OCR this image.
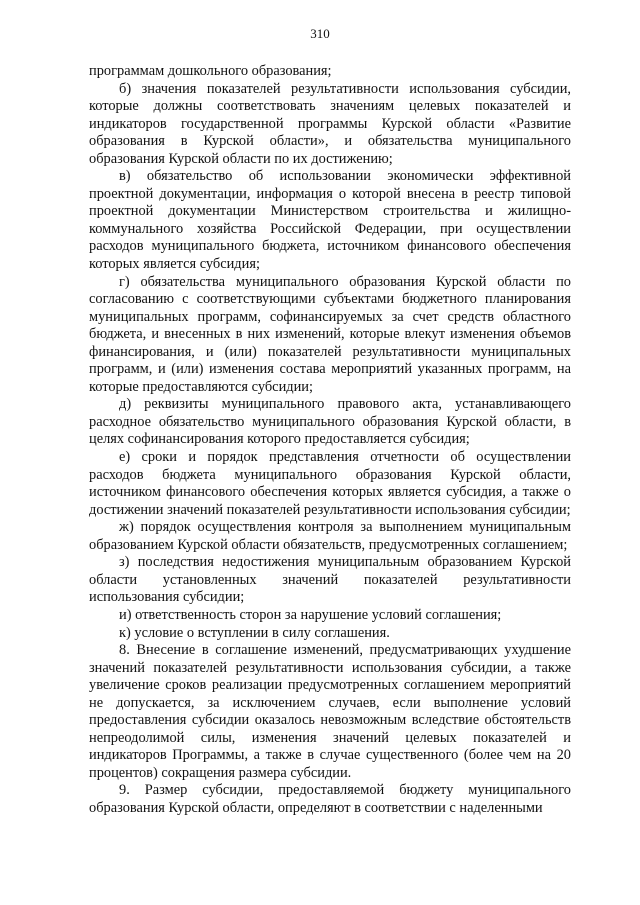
310

программам дошкольного образования;

б) значения показателей результативности использования субсидии, которые должны соответствовать значениям целевых показателей и индикаторов государственной программы Курской области «Развитие образования в Курской области», и обязательства муниципального образования Курской области по их достижению;

в) обязательство об использовании экономически эффективной проектной документации, информация о которой внесена в реестр типовой проектной документации Министерством строительства и жилищно-коммунального хозяйства Российской Федерации, при осуществлении расходов муниципального бюджета, источником финансового обеспечения которых является субсидия;

г) обязательства муниципального образования Курской области по согласованию с соответствующими субъектами бюджетного планирования муниципальных программ, софинансируемых за счет средств областного бюджета, и внесенных в них изменений, которые влекут изменения объемов финансирования, и (или) показателей результативности муниципальных программ, и (или) изменения состава мероприятий указанных программ, на которые предоставляются субсидии;

д) реквизиты муниципального правового акта, устанавливающего расходное обязательство муниципального образования Курской области, в целях софинансирования которого предоставляется субсидия;

е) сроки и порядок представления отчетности об осуществлении расходов бюджета муниципального образования Курской области, источником финансового обеспечения которых является субсидия, а также о достижении значений показателей результативности использования субсидии;

ж) порядок осуществления контроля за выполнением муниципальным образованием Курской области обязательств, предусмотренных соглашением;

з) последствия недостижения муниципальным образованием Курской области установленных значений показателей результативности использования субсидии;

и) ответственность сторон за нарушение условий соглашения;

к) условие о вступлении в силу соглашения.

8. Внесение в соглашение изменений, предусматривающих ухудшение значений показателей результативности использования субсидии, а также увеличение сроков реализации предусмотренных соглашением мероприятий не допускается, за исключением случаев, если выполнение условий предоставления субсидии оказалось невозможным вследствие обстоятельств непреодолимой силы, изменения значений целевых показателей и индикаторов Программы, а также в случае существенного (более чем на 20 процентов) сокращения размера субсидии.

9. Размер субсидии, предоставляемой бюджету муниципального образования Курской области, определяют в соответствии с наделенными
